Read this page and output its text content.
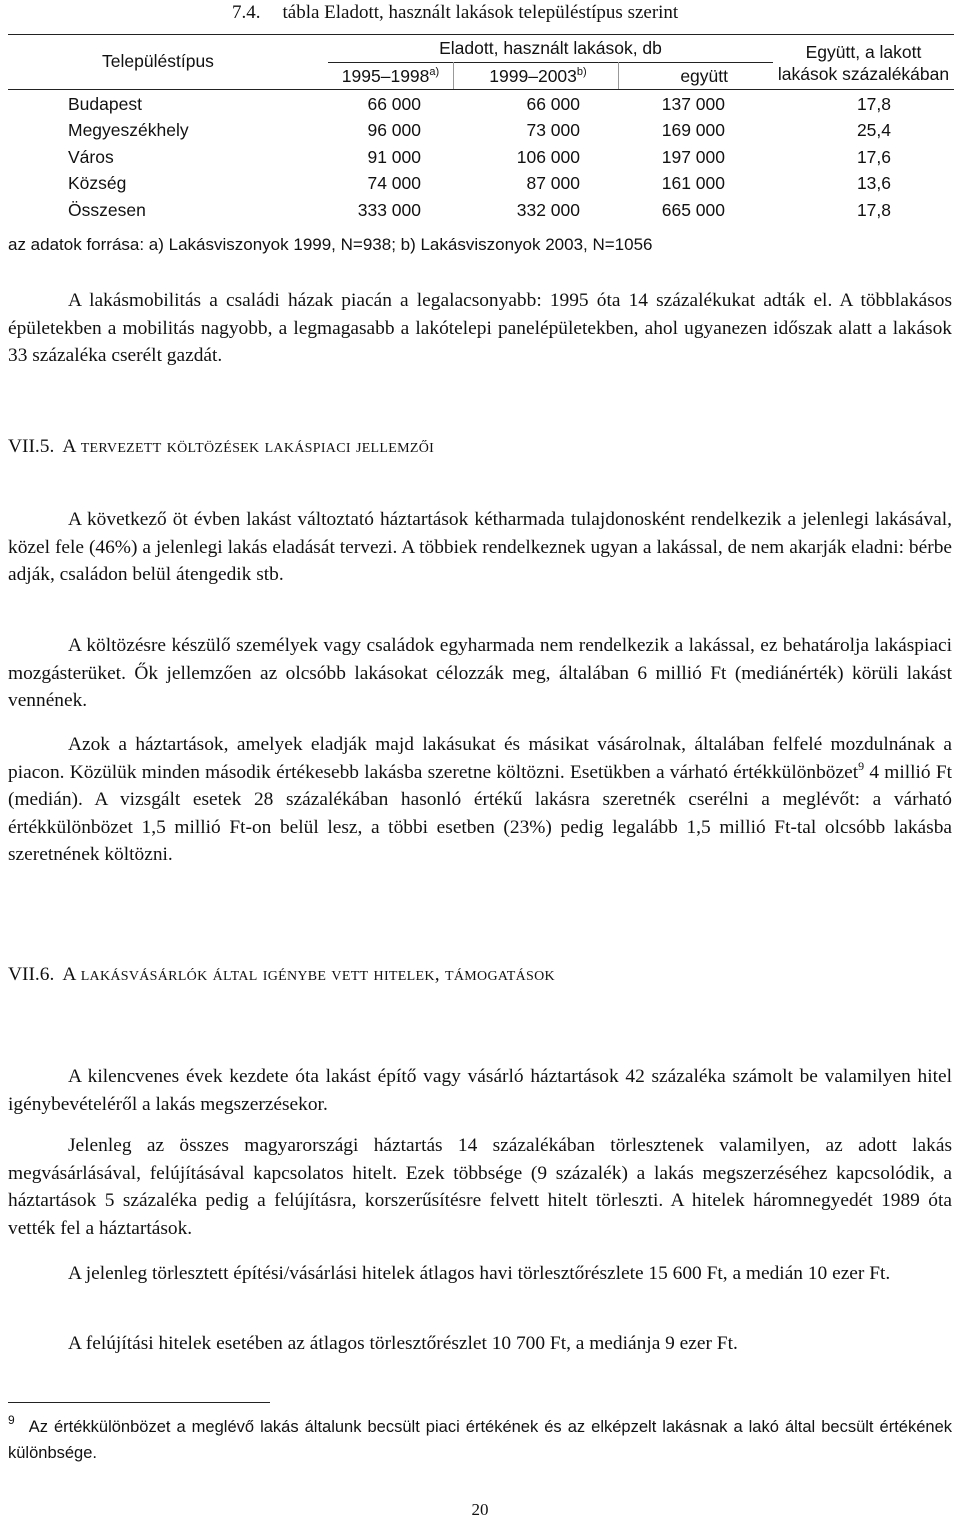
7.4. tábla Eladott, használt lakások településtípus szerint
Településtípus
Eladott, használt lakások, db
1995–1998$^{a)}$	1999–2003$^{b)}$	együtt
Együtt, a lakott
lakások százalékában
Budapest	66 000	66 000	137 000	17,8
Megyeszékhely	96 000	73 000	169 000	25,4
Város	91 000	106 000	197 000	17,6
Község	74 000	87 000	161 000	13,6
Összesen	333 000	332 000	665 000	17,8
az adatok forrása: a) Lakásviszonyok 1999, N=938; b) Lakásviszonyok 2003, N=1056

A lakásmobilitás a családi házak piacán a legalacsonyabb: 1995 óta 14 százalékukat adták el. A többlakásos épületekben a mobilitás nagyobb, a legmagasabb a lakótelepi panelépületekben, ahol ugyanezen időszak alatt a lakások 33 százaléka cserélt gazdát.

VII.5. A tervezett költözések lakáspiaci jellemzői

A következő öt évben lakást változtató háztartások kétharmada tulajdonosként rendelkezik a jelenlegi lakásával, közel fele (46%) a jelenlegi lakás eladását tervezi. A többiek rendelkeznek ugyan a lakással, de nem akarják eladni: bérbe adják, családon belül átengedik stb.

A költözésre készülő személyek vagy családok egyharmada nem rendelkezik a lakással, ez behatárolja lakáspiaci mozgásterüket. Ők jellemzően az olcsóbb lakásokat célozzák meg, általában 6 millió Ft (mediánérték) körüli lakást vennének.

Azok a háztartások, amelyek eladják majd lakásukat és másikat vásárolnak, általában felfelé mozdulnának a piacon. Közülük minden második értékesebb lakásba szeretne költözni. Esetükben a várható értékkülönbözet$^9$ 4 millió Ft (medián). A vizsgált esetek 28 százalékában hasonló értékű lakásra szeretnék cserélni a meglévőt: a várható értékkülönbözet 1,5 millió Ft-on belül lesz, a többi esetben (23%) pedig legalább 1,5 millió Ft-tal olcsóbb lakásba szeretnének költözni.

VII.6. A lakásvásárlók által igénybe vett hitelek, támogatások

A kilencvenes évek kezdete óta lakást építő vagy vásárló háztartások 42 százaléka számolt be valamilyen hitel igénybevételéről a lakás megszerzésekor.

Jelenleg az összes magyarországi háztartás 14 százalékában törlesztenek valamilyen, az adott lakás megvásárlásával, felújításával kapcsolatos hitelt. Ezek többsége (9 százalék) a lakás megszerzéséhez kapcsolódik, a háztartások 5 százaléka pedig a felújításra, korszerűsítésre felvett hitelt törleszti. A hitelek háromnegyedét 1989 óta vették fel a háztartások.

A jelenleg törlesztett építési/vásárlási hitelek átlagos havi törlesztőrészlete 15 600 Ft, a medián 10 ezer Ft.

A felújítási hitelek esetében az átlagos törlesztőrészlet 10 700 Ft, a mediánja 9 ezer Ft.

$^9$ Az értékkülönbözet a meglévő lakás általunk becsült piaci értékének és az elképzelt lakásnak a lakó által becsült értékének különbsége.
20
